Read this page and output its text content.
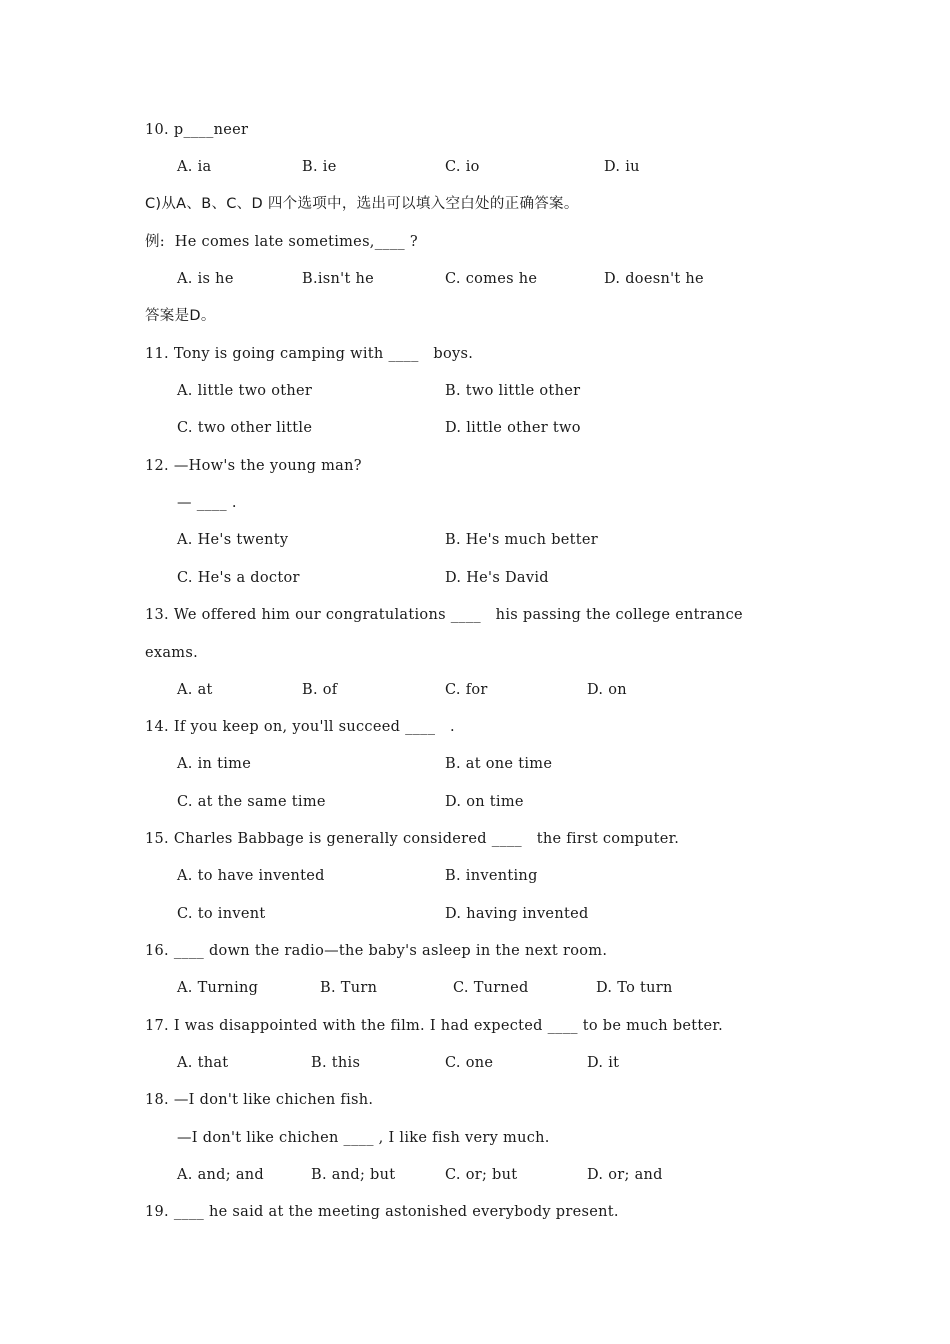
10. p____neer
A. ia	B. ie	C. io	D. iu
C)从A、B、C、D 四个选项中，选出可以填入空白处的正确答案。
例:  He comes late sometimes,____ ?
A. is he	B.isn't he	C. comes he	D. doesn't he
答案是D。
11. Tony is going camping with ____   boys.
A. little two other	B. two little other
C. two other little	D. little other two
12. —How's the young man?
— ____ .
A. He's twenty	B. He's much better
C. He's a doctor	D. He's David
13. We offered him our congratulations ____   his passing the college entrance
exams.
A. at	B. of	C. for	D. on
14. If you keep on, you'll succeed ____   .
A. in time	B. at one time
C. at the same time	D. on time
15. Charles Babbage is generally considered ____   the first computer.
A. to have invented	B. inventing
C. to invent	D. having invented
16. ____ down the radio—the baby's asleep in the next room.
A. Turning	B. Turn	C. Turned	D. To turn
17. I was disappointed with the film. I had expected ____ to be much better.
A. that	B. this	C. one	D. it
18. —I don't like chichen fish.
—I don't like chichen ____ , I like fish very much.
A. and; and	B. and; but	C. or; but	D. or; and
19. ____ he said at the meeting astonished everybody present.
